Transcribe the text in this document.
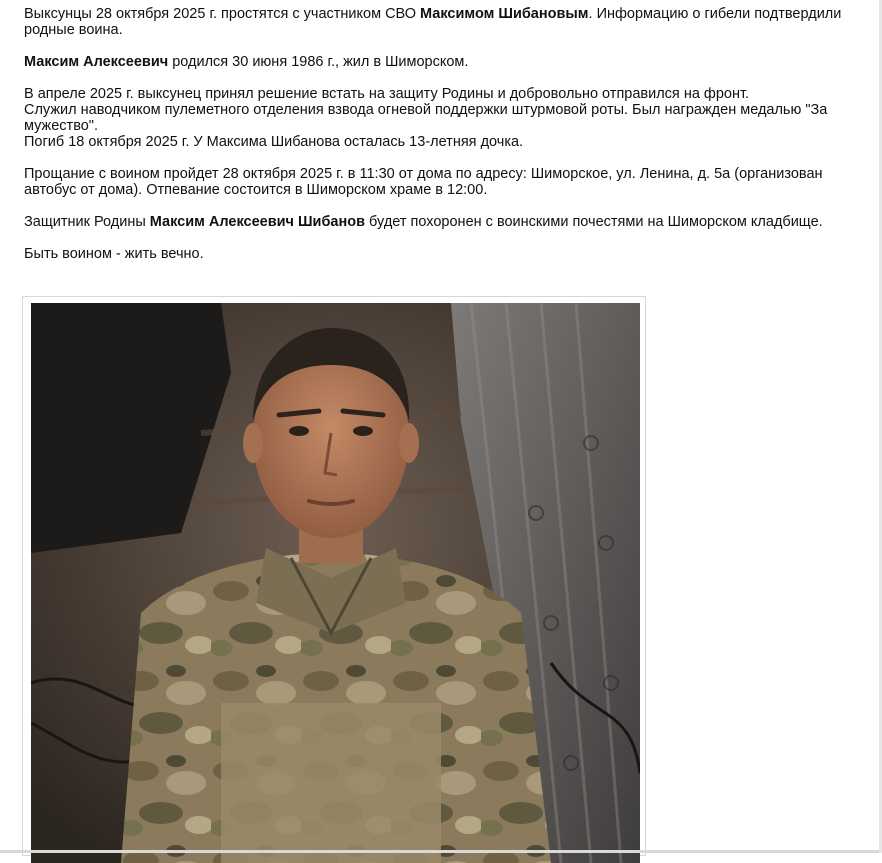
Выксунцы 28 октября 2025 г. простятся с участником СВО Максимом Шибановым. Информацию о гибели подтвердили родные воина.

Максим Алексеевич родился 30 июня 1986 г., жил в Шиморском.

В апреле 2025 г. выксунец принял решение встать на защиту Родины и добровольно отправился на фронт.
Служил наводчиком пулеметного отделения взвода огневой поддержки штурмовой роты. Был награжден медалью "За мужество".
Погиб 18 октября 2025 г. У Максима Шибанова осталась 13-летняя дочка.

Прощание с воином пройдет 28 октября 2025 г. в 11:30 от дома по адресу: Шиморское, ул. Ленина, д. 5а (организован автобус от дома). Отпевание состоится в Шиморском храме в 12:00.

Защитник Родины Максим Алексеевич Шибанов будет похоронен с воинскими почестями на Шиморском кладбище.

Быть воином - жить вечно.
